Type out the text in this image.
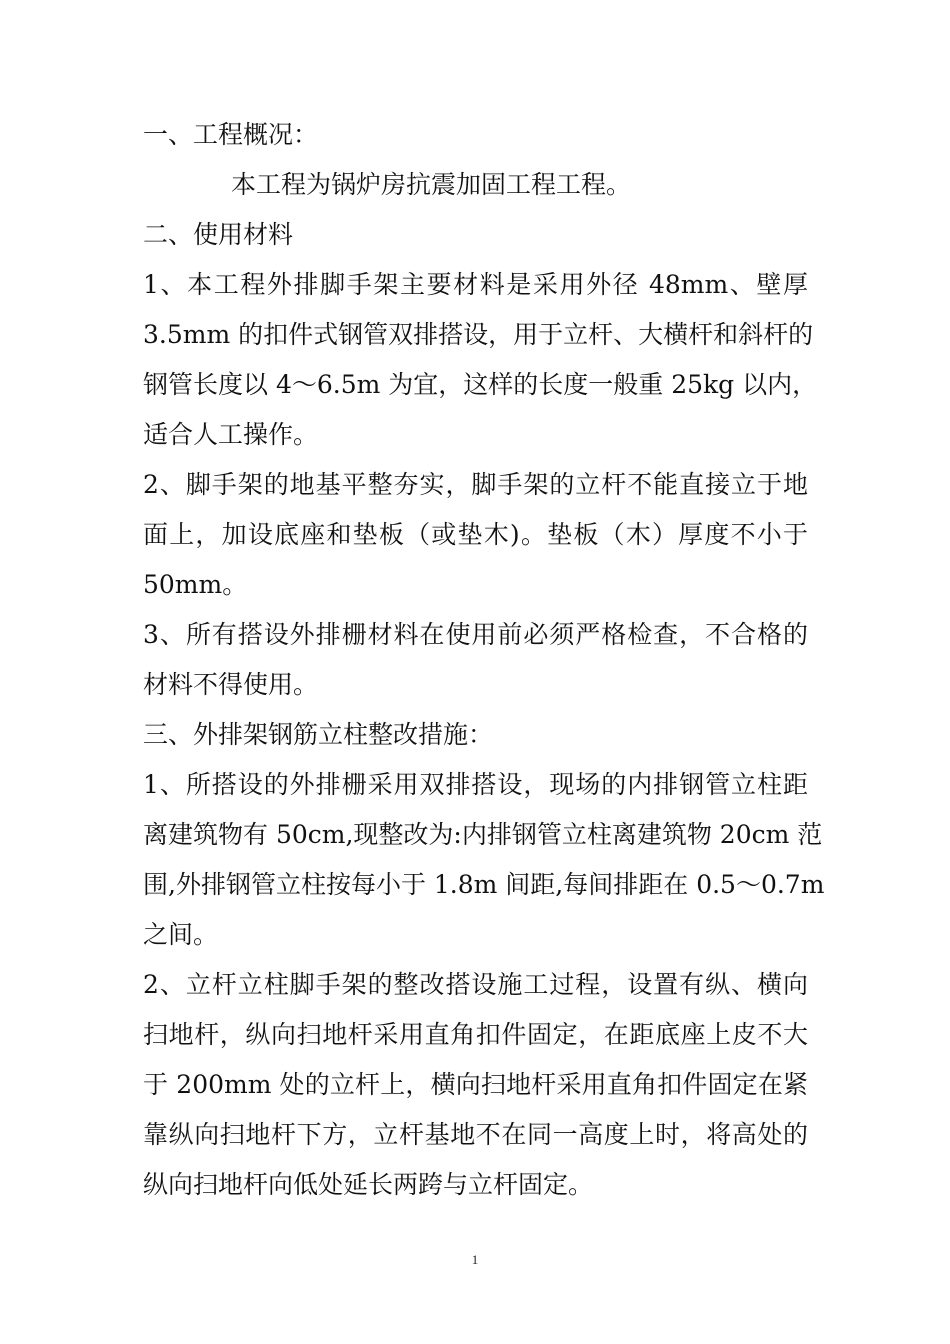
一、工程概况：
本工程为锅炉房抗震加固工程工程。
二、使用材料
1、本工程外排脚手架主要材料是采用外径 48mm、壁厚
3.5mm 的扣件式钢管双排搭设，用于立杆、大横杆和斜杆的
钢管长度以 4～6.5m 为宜，这样的长度一般重 25kg 以内，
适合人工操作。
2、脚手架的地基平整夯实，脚手架的立杆不能直接立于地
面上，加设底座和垫板（或垫木)。垫板（木）厚度不小于
50mm。
3、所有搭设外排栅材料在使用前必须严格检查，不合格的
材料不得使用。
三、外排架钢筋立柱整改措施：
1、所搭设的外排栅采用双排搭设，现场的内排钢管立柱距
离建筑物有 50cm,现整改为:内排钢管立柱离建筑物 20cm 范
围,外排钢管立柱按每小于 1.8m 间距,每间排距在 0.5～0.7m
之间。
2、立杆立柱脚手架的整改搭设施工过程，设置有纵、横向
扫地杆，纵向扫地杆采用直角扣件固定，在距底座上皮不大
于 200mm 处的立杆上，横向扫地杆采用直角扣件固定在紧
靠纵向扫地杆下方，立杆基地不在同一高度上时，将高处的
纵向扫地杆向低处延长两跨与立杆固定。
1
